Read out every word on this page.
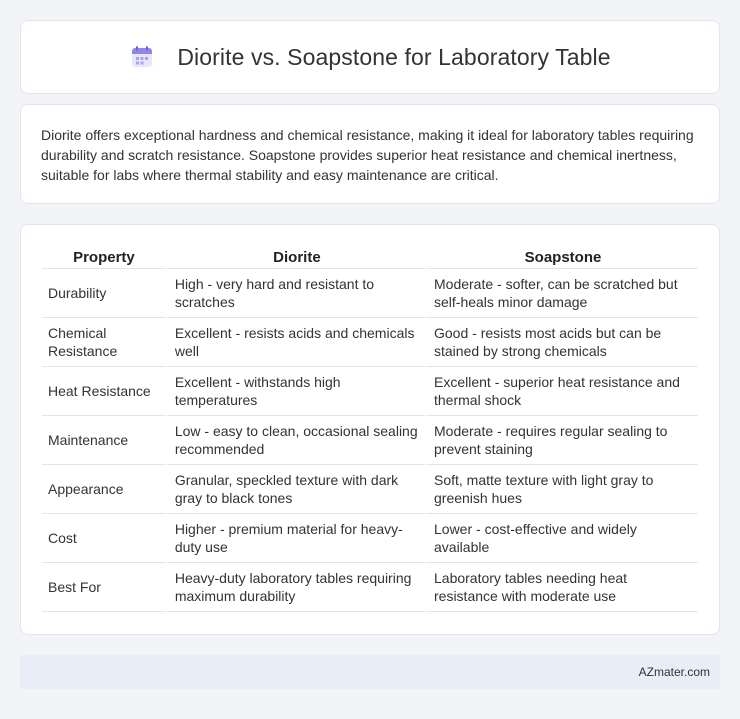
Diorite vs. Soapstone for Laboratory Table

Diorite offers exceptional hardness and chemical resistance, making it ideal for laboratory tables requiring durability and scratch resistance. Soapstone provides superior heat resistance and chemical inertness, suitable for labs where thermal stability and easy maintenance are critical.

Property	Diorite	Soapstone
Durability	High - very hard and resistant to scratches	Moderate - softer, can be scratched but self-heals minor damage
Chemical Resistance	Excellent - resists acids and chemicals well	Good - resists most acids but can be stained by strong chemicals
Heat Resistance	Excellent - withstands high temperatures	Excellent - superior heat resistance and thermal shock
Maintenance	Low - easy to clean, occasional sealing recommended	Moderate - requires regular sealing to prevent staining
Appearance	Granular, speckled texture with dark gray to black tones	Soft, matte texture with light gray to greenish hues
Cost	Higher - premium material for heavy-duty use	Lower - cost-effective and widely available
Best For	Heavy-duty laboratory tables requiring maximum durability	Laboratory tables needing heat resistance with moderate use
AZmater.com
